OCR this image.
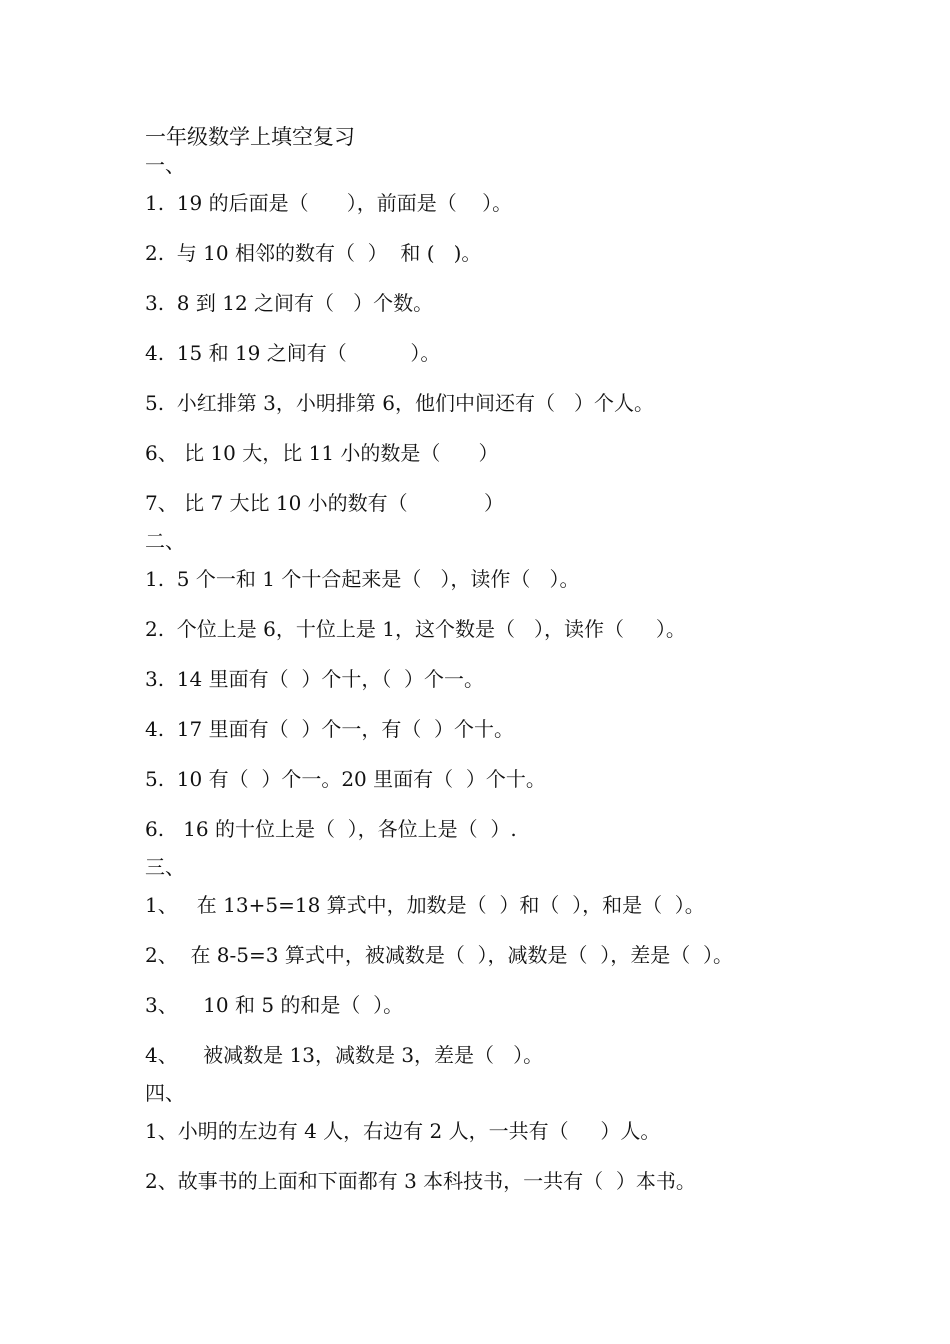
一年级数学上填空复习
一、
1.  19 的后面是（      ），前面是（    ）。
2.  与 10 相邻的数有（  ）  和 (   )。
3.  8 到 12 之间有（   ）个数。
4.  15 和 19 之间有（          ）。
5.  小红排第 3，小明排第 6，他们中间还有（   ）个人。
6、 比 10 大，比 11 小的数是（      ）
7、 比 7 大比 10 小的数有（            ）
二、
1.  5 个一和 1 个十合起来是（   ），读作（   ）。
2.  个位上是 6，十位上是 1，这个数是（   ），读作（     ）。
3.  14 里面有（  ）个十，（  ）个一。
4.  17 里面有（  ）个一，有（  ）个十。
5.  10 有（  ）个一。20 里面有（  ）个十。
6.   16 的十位上是（  ），各位上是（  ）.
三、
1、   在 13+5=18 算式中，加数是（  ）和（  ），和是（  ）。
2、  在 8-5=3 算式中，被减数是（  ），减数是（  ），差是（  ）。
3、    10 和 5 的和是（  ）。
4、    被减数是 13，减数是 3，差是（   ）。
四、
1、小明的左边有 4 人，右边有 2 人，一共有（     ）人。
2、故事书的上面和下面都有 3 本科技书，一共有（  ）本书。
